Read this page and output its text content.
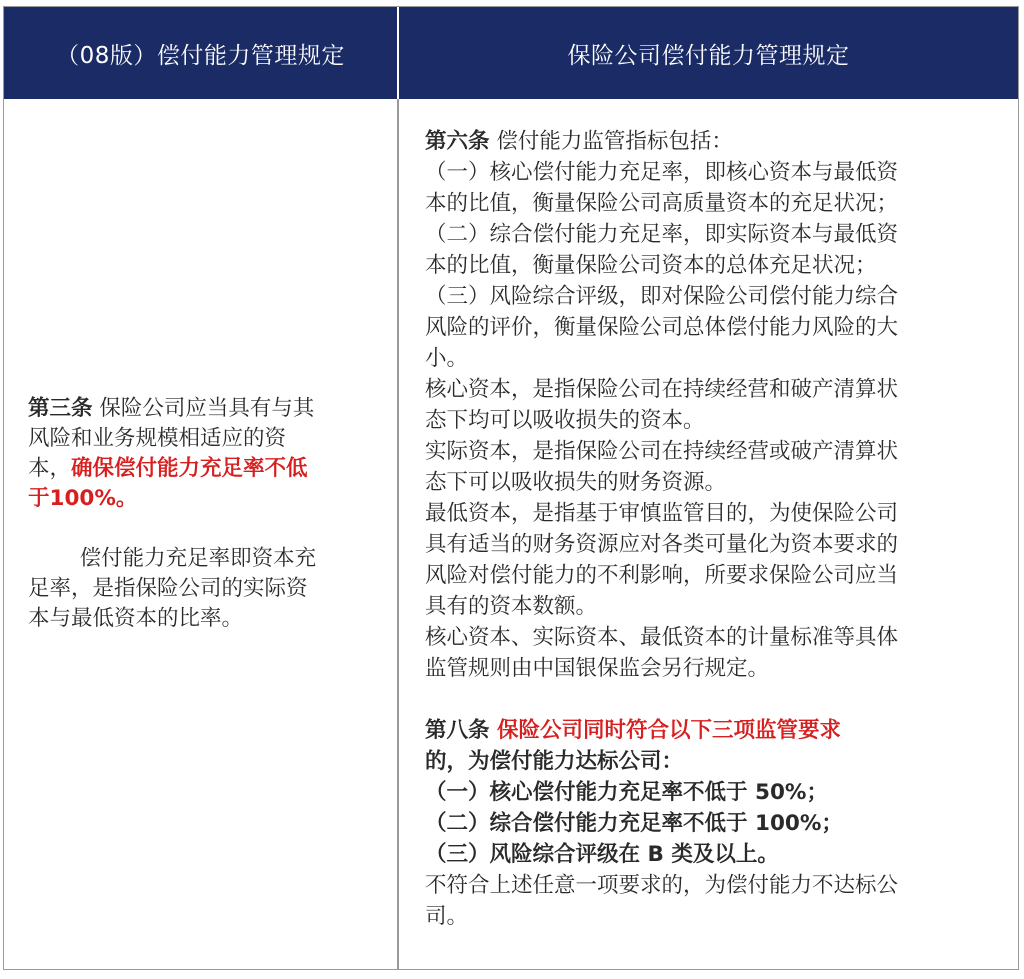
（08版）偿付能力管理规定	保险公司偿付能力管理规定

第三条 保险公司应当具有与其

风险和业务规模相适应的资

本，确保偿付能力充足率不低

于100%。

偿付能力充足率即资本充

足率，是指保险公司的实际资

本与最低资本的比率。

第六条 偿付能力监管指标包括：

（一）核心偿付能力充足率，即核心资本与最低资

本的比值，衡量保险公司高质量资本的充足状况；

（二）综合偿付能力充足率，即实际资本与最低资

本的比值，衡量保险公司资本的总体充足状况；

（三）风险综合评级，即对保险公司偿付能力综合

风险的评价，衡量保险公司总体偿付能力风险的大

小。

核心资本，是指保险公司在持续经营和破产清算状

态下均可以吸收损失的资本。

实际资本，是指保险公司在持续经营或破产清算状

态下可以吸收损失的财务资源。

最低资本，是指基于审慎监管目的，为使保险公司

具有适当的财务资源应对各类可量化为资本要求的

风险对偿付能力的不利影响，所要求保险公司应当

具有的资本数额。

核心资本、实际资本、最低资本的计量标准等具体

监管规则由中国银保监会另行规定。

第八条 保险公司同时符合以下三项监管要求

的，为偿付能力达标公司：

（一）核心偿付能力充足率不低于 50%；

（二）综合偿付能力充足率不低于 100%；

（三）风险综合评级在 B 类及以上。

不符合上述任意一项要求的，为偿付能力不达标公

司。
